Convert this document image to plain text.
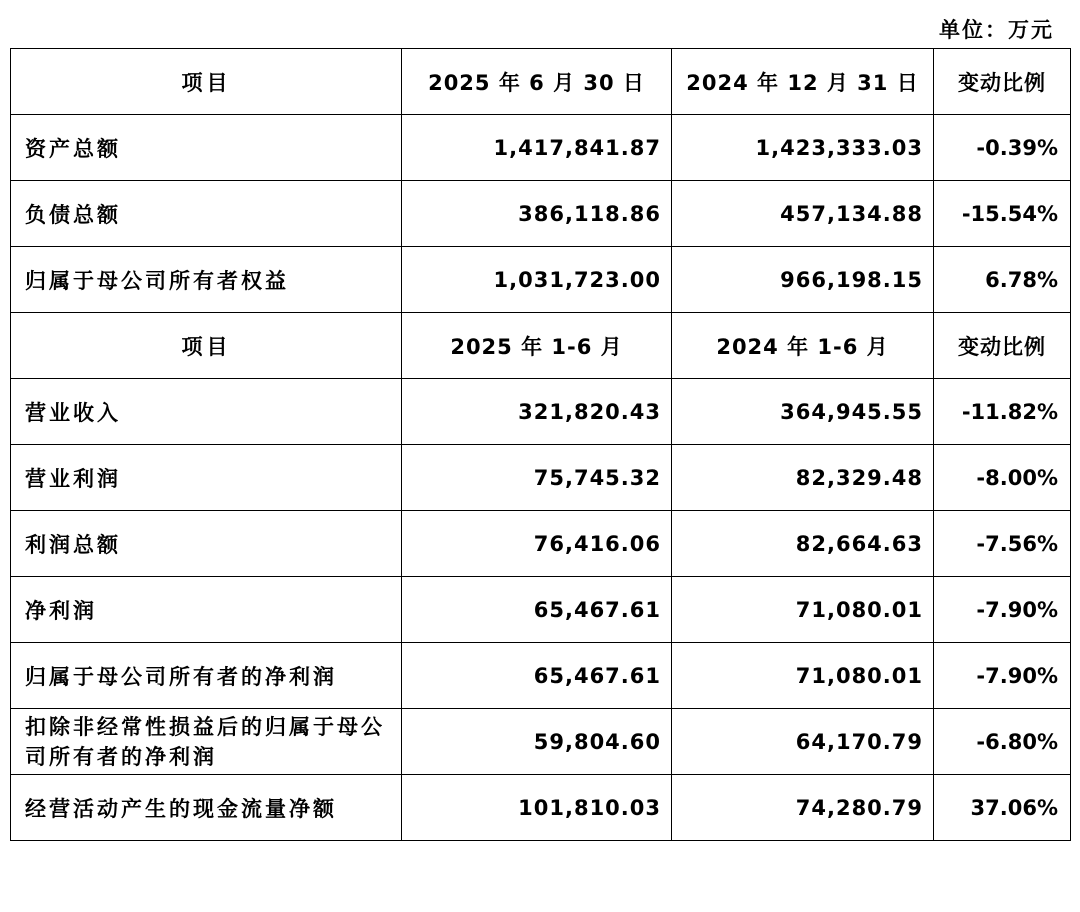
单位：万元
项目	2025 年 6 月 30 日	2024 年 12 月 31 日	变动比例
资产总额	1,417,841.87	1,423,333.03	-0.39%
负债总额	386,118.86	457,134.88	-15.54%
归属于母公司所有者权益	1,031,723.00	966,198.15	6.78%
项目	2025 年 1-6 月	2024 年 1-6 月	变动比例
营业收入	321,820.43	364,945.55	-11.82%
营业利润	75,745.32	82,329.48	-8.00%
利润总额	76,416.06	82,664.63	-7.56%
净利润	65,467.61	71,080.01	-7.90%
归属于母公司所有者的净利润	65,467.61	71,080.01	-7.90%
扣除非经常性损益后的归属于母公司所有者的净利润	59,804.60	64,170.79	-6.80%
经营活动产生的现金流量净额	101,810.03	74,280.79	37.06%
